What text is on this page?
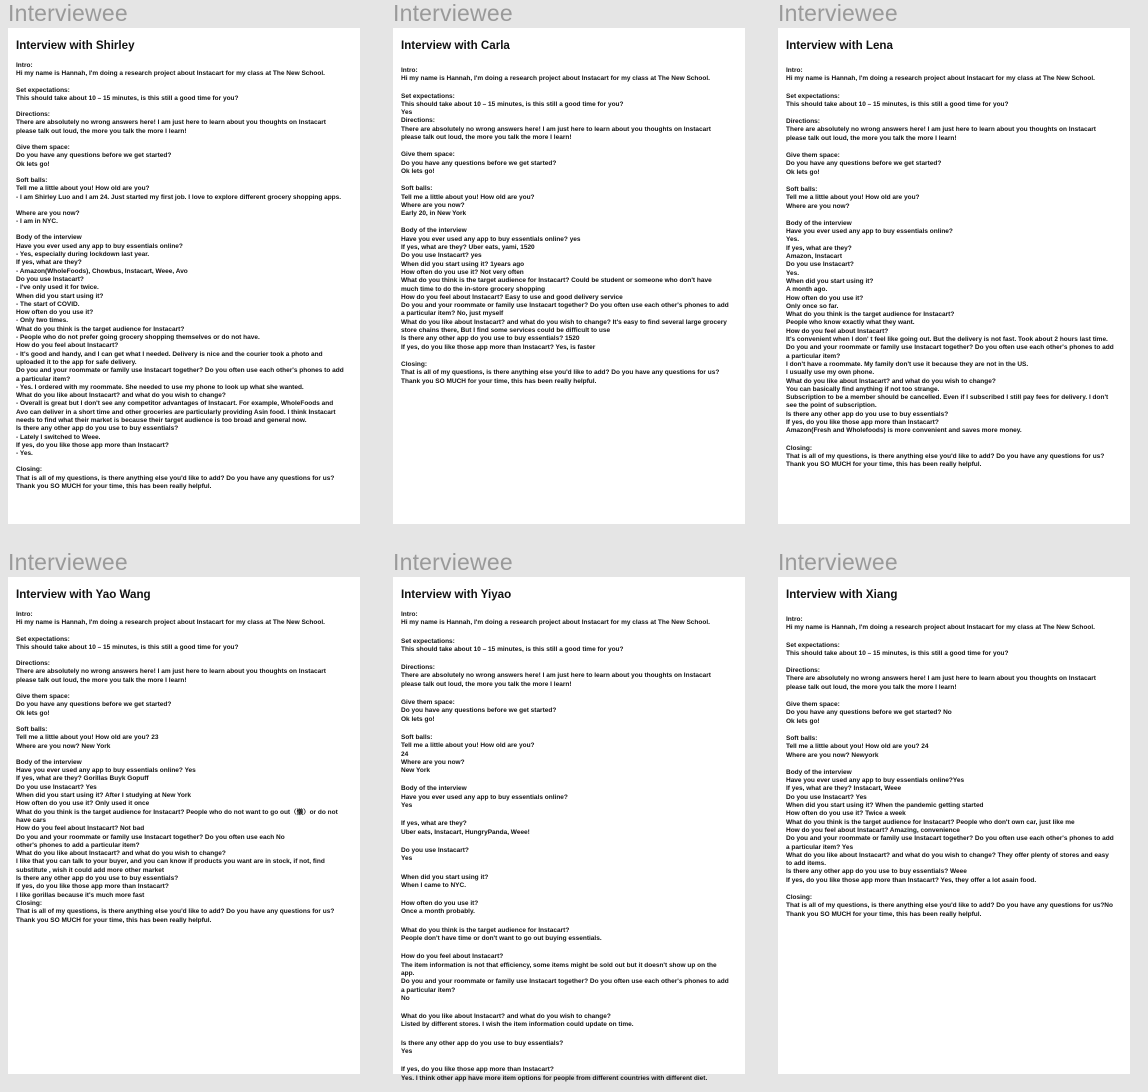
Interviewee
Interview with Shirley
Intro:
Hi my name is Hannah, I'm doing a research project about Instacart for my class at The New School.
Set expectations:
This should take about 10 – 15 minutes, is this still a good time for you?
Directions:
There are absolutely no wrong answers here! I am just here to learn about you thoughts on Instacart
please talk out loud, the more you talk the more I learn!
Give them space:
Do you have any questions before we get started?
Ok lets go!
Soft balls:
Tell me a little about you! How old are you?
- I am Shirley Luo and I am 24. Just started my first job. I love to explore different grocery shopping apps.
Where are you now?
- I am in NYC.
Body of the interview
Have you ever used any app to buy essentials online?
- Yes, especially during lockdown last year.
If yes, what are they?
- Amazon(WholeFoods), Chowbus, Instacart, Weee, Avo
Do you use Instacart?
- I've only used it for twice.
When did you start using it?
- The start of COVID.
How often do you use it?
- Only two times.
What do you think is the target audience for Instacart?
- People who do not prefer going grocery shopping themselves or do not have.
How do you feel about Instacart?
- It's good and handy, and I can get what I needed. Delivery is nice and the courier took a photo and
uploaded it to the app for safe delivery.
Do you and your roommate or family use Instacart together? Do you often use each other's phones to add
a particular item?
- Yes. I ordered with my roommate. She needed to use my phone to look up what she wanted.
What do you like about Instacart? and what do you wish to change?
- Overall is great but I don't see any competitor advantages of Instacart. For example, WholeFoods and
Avo can deliver in a short time and other groceries are particularly providing Asin food. I think Instacart
needs to find what their market is because their target audience is too broad and general now.
Is there any other app do you use to buy essentials?
- Lately I switched to Weee.
If yes, do you like those app more than Instacart?
- Yes.
Closing:
That is all of my questions, is there anything else you'd like to add? Do you have any questions for us?
Thank you SO MUCH for your time, this has been really helpful.
Interviewee
Interview with Carla
Intro:
Hi my name is Hannah, I'm doing a research project about Instacart for my class at The New School.
Set expectations:
This should take about 10 – 15 minutes, is this still a good time for you?
Yes
Directions:
There are absolutely no wrong answers here! I am just here to learn about you thoughts on Instacart
please talk out loud, the more you talk the more I learn!
Give them space:
Do you have any questions before we get started?
Ok lets go!
Soft balls:
Tell me a little about you! How old are you?
Where are you now?
Early 20, in New York
Body of the interview
Have you ever used any app to buy essentials online? yes
If yes, what are they? Uber eats, yami, 1520
Do you use Instacart? yes
When did you start using it? 1years ago
How often do you use it? Not very often
What do you think is the target audience for Instacart? Could be student or someone who don't have
much time to do the in-store grocery shopping
How do you feel about Instacart? Easy to use and good delivery service
Do you and your roommate or family use Instacart together? Do you often use each other's phones to add
a particular item? No, just myself
What do you like about Instacart? and what do you wish to change? It's easy to find several large grocery
store chains there, But I find some services could be difficult to use
Is there any other app do you use to buy essentials? 1520
If yes, do you like those app more than Instacart? Yes, is faster
Closing:
That is all of my questions, is there anything else you'd like to add? Do you have any questions for us?
Thank you SO MUCH for your time, this has been really helpful.
Interviewee
Interview with Lena
Intro:
Hi my name is Hannah, I'm doing a research project about Instacart for my class at The New School.
Set expectations:
This should take about 10 – 15 minutes, is this still a good time for you?
Directions:
There are absolutely no wrong answers here! I am just here to learn about you thoughts on Instacart
please talk out loud, the more you talk the more I learn!
Give them space:
Do you have any questions before we get started?
Ok lets go!
Soft balls:
Tell me a little about you! How old are you?
Where are you now?
Body of the interview
Have you ever used any app to buy essentials online?
Yes.
If yes, what are they?
Amazon, Instacart
Do you use Instacart?
Yes.
When did you start using it?
A month ago.
How often do you use it?
Only once so far.
What do you think is the target audience for Instacart?
People who know exactly what they want.
How do you feel about Instacart?
It's convenient when I don' t feel like going out. But the delivery is not fast. Took about 2 hours last time.
Do you and your roommate or family use Instacart together? Do you often use each other's phones to add
a particular item?
I don't have a roommate. My family don't use it because they are not in the US.
I usually use my own phone.
What do you like about Instacart? and what do you wish to change?
You can basically find anything if not too strange.
Subscription to be a member should be cancelled. Even if I subscribed I still pay fees for delivery. I don't
see the point of subscription.
Is there any other app do you use to buy essentials?
If yes, do you like those app more than Instacart?
Amazon(Fresh and Wholefoods) is more convenient and saves more money.
Closing:
That is all of my questions, is there anything else you'd like to add? Do you have any questions for us?
Thank you SO MUCH for your time, this has been really helpful.
Interviewee
Interview with Yao Wang
Intro:
Hi my name is Hannah, I'm doing a research project about Instacart for my class at The New School.
Set expectations:
This should take about 10 – 15 minutes, is this still a good time for you?
Directions:
There are absolutely no wrong answers here! I am just here to learn about you thoughts on Instacart
please talk out loud, the more you talk the more I learn!
Give them space:
Do you have any questions before we get started?
Ok lets go!
Soft balls:
Tell me a little about you! How old are you? 23
Where are you now? New York
Body of the interview
Have you ever used any app to buy essentials online? Yes
If yes, what are they? Gorillas Buyk Gopuff
Do you use Instacart? Yes
When did you start using it? After I studying at New York
How often do you use it? Only used it once
What do you think is the target audience for Instacart? People who do not want to go out（懒）or do not
have cars
How do you feel about Instacart? Not bad
Do you and your roommate or family use Instacart together? Do you often use each No
other's phones to add a particular item?
What do you like about Instacart? and what do you wish to change?
I like that you can talk to your buyer, and you can know if products you want are in stock, if not, find
substitute , wish it could add more other market
Is there any other app do you use to buy essentials?
If yes, do you like those app more than Instacart?
I like gorillas because it's much more fast
Closing:
That is all of my questions, is there anything else you'd like to add? Do you have any questions for us?
Thank you SO MUCH for your time, this has been really helpful.
Interviewee
Interview with Yiyao
Intro:
Hi my name is Hannah, I'm doing a research project about Instacart for my class at The New School.
Set expectations:
This should take about 10 – 15 minutes, is this still a good time for you?
Directions:
There are absolutely no wrong answers here! I am just here to learn about you thoughts on Instacart
please talk out loud, the more you talk the more I learn!
Give them space:
Do you have any questions before we get started?
Ok lets go!
Soft balls:
Tell me a little about you! How old are you?
24
Where are you now?
New York
Body of the interview
Have you ever used any app to buy essentials online?
Yes
If yes, what are they?
Uber eats, Instacart, HungryPanda, Weee!
Do you use Instacart?
Yes
When did you start using it?
When I came to NYC.
How often do you use it?
Once a month probably.
What do you think is the target audience for Instacart?
People don't have time or don't want to go out buying essentials.
How do you feel about Instacart?
The item information is not that efficiency, some items might be sold out but it doesn't show up on the
app.
Do you and your roommate or family use Instacart together? Do you often use each other's phones to add
a particular item?
No
What do you like about Instacart? and what do you wish to change?
Listed by different stores. I wish the item information could update on time.
Is there any other app do you use to buy essentials?
Yes
If yes, do you like those app more than Instacart?
Yes. I think other app have more item options for people from different countries with different diet.
Interviewee
Interview with Xiang
Intro:
Hi my name is Hannah, I'm doing a research project about Instacart for my class at The New School.
Set expectations:
This should take about 10 – 15 minutes, is this still a good time for you?
Directions:
There are absolutely no wrong answers here! I am just here to learn about you thoughts on Instacart
please talk out loud, the more you talk the more I learn!
Give them space:
Do you have any questions before we get started? No
Ok lets go!
Soft balls:
Tell me a little about you! How old are you? 24
Where are you now? Newyork
Body of the interview
Have you ever used any app to buy essentials online?Yes
If yes, what are they? Instacart, Weee
Do you use Instacart? Yes
When did you start using it? When the pandemic getting started
How often do you use it? Twice a week
What do you think is the target audience for Instacart? People who don't own car, just like me
How do you feel about Instacart? Amazing, convenience
Do you and your roommate or family use Instacart together? Do you often use each other's phones to add
a particular item? Yes
What do you like about Instacart? and what do you wish to change? They offer plenty of stores and easy
to add items.
Is there any other app do you use to buy essentials? Weee
If yes, do you like those app more than Instacart? Yes, they offer a lot asain food.
Closing:
That is all of my questions, is there anything else you'd like to add? Do you have any questions for us?No
Thank you SO MUCH for your time, this has been really helpful.
